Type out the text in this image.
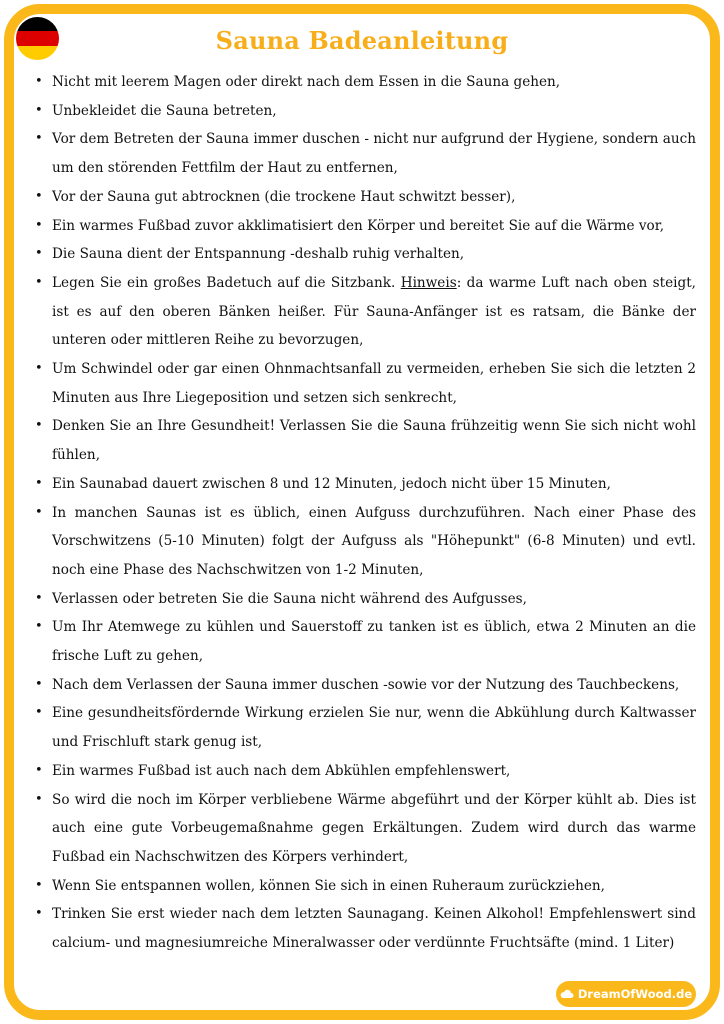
Sauna Badeanleitung
• Nicht mit leerem Magen oder direkt nach dem Essen in die Sauna gehen,
• Unbekleidet die Sauna betreten,
• Vor dem Betreten der Sauna immer duschen - nicht nur aufgrund der Hygiene, sondern auch um den störenden Fettfilm der Haut zu entfernen,
• Vor der Sauna gut abtrocknen (die trockene Haut schwitzt besser),
• Ein warmes Fußbad zuvor akklimatisiert den Körper und bereitet Sie auf die Wärme vor,
• Die Sauna dient der Entspannung -deshalb ruhig verhalten,
• Legen Sie ein großes Badetuch auf die Sitzbank. Hinweis: da warme Luft nach oben steigt, ist es auf den oberen Bänken heißer. Für Sauna-Anfänger ist es ratsam, die Bänke der unteren oder mittleren Reihe zu bevorzugen,
• Um Schwindel oder gar einen Ohnmachtsanfall zu vermeiden, erheben Sie sich die letzten 2 Minuten aus Ihre Liegeposition und setzen sich senkrecht,
• Denken Sie an Ihre Gesundheit! Verlassen Sie die Sauna frühzeitig wenn Sie sich nicht wohl fühlen,
• Ein Saunabad dauert zwischen 8 und 12 Minuten, jedoch nicht über 15 Minuten,
• In manchen Saunas ist es üblich, einen Aufguss durchzuführen. Nach einer Phase des Vorschwitzens (5-10 Minuten) folgt der Aufguss als "Höhepunkt" (6-8 Minuten) und evtl. noch eine Phase des Nachschwitzen von 1-2 Minuten,
• Verlassen oder betreten Sie die Sauna nicht während des Aufgusses,
• Um Ihr Atemwege zu kühlen und Sauerstoff zu tanken ist es üblich, etwa 2 Minuten an die frische Luft zu gehen,
• Nach dem Verlassen der Sauna immer duschen -sowie vor der Nutzung des Tauchbeckens,
• Eine gesundheitsfördernde Wirkung erzielen Sie nur, wenn die Abkühlung durch Kaltwasser und Frischluft stark genug ist,
• Ein warmes Fußbad ist auch nach dem Abkühlen empfehlenswert,
• So wird die noch im Körper verbliebene Wärme abgeführt und der Körper kühlt ab. Dies ist auch eine gute Vorbeugemaßnahme gegen Erkältungen. Zudem wird durch das warme Fußbad ein Nachschwitzen des Körpers verhindert,
• Wenn Sie entspannen wollen, können Sie sich in einen Ruheraum zurückziehen,
• Trinken Sie erst wieder nach dem letzten Saunagang. Keinen Alkohol! Empfehlenswert sind calcium- und magnesiumreiche Mineralwasser oder verdünnte Fruchtsäfte (mind. 1 Liter)
DreamOfWood.de
